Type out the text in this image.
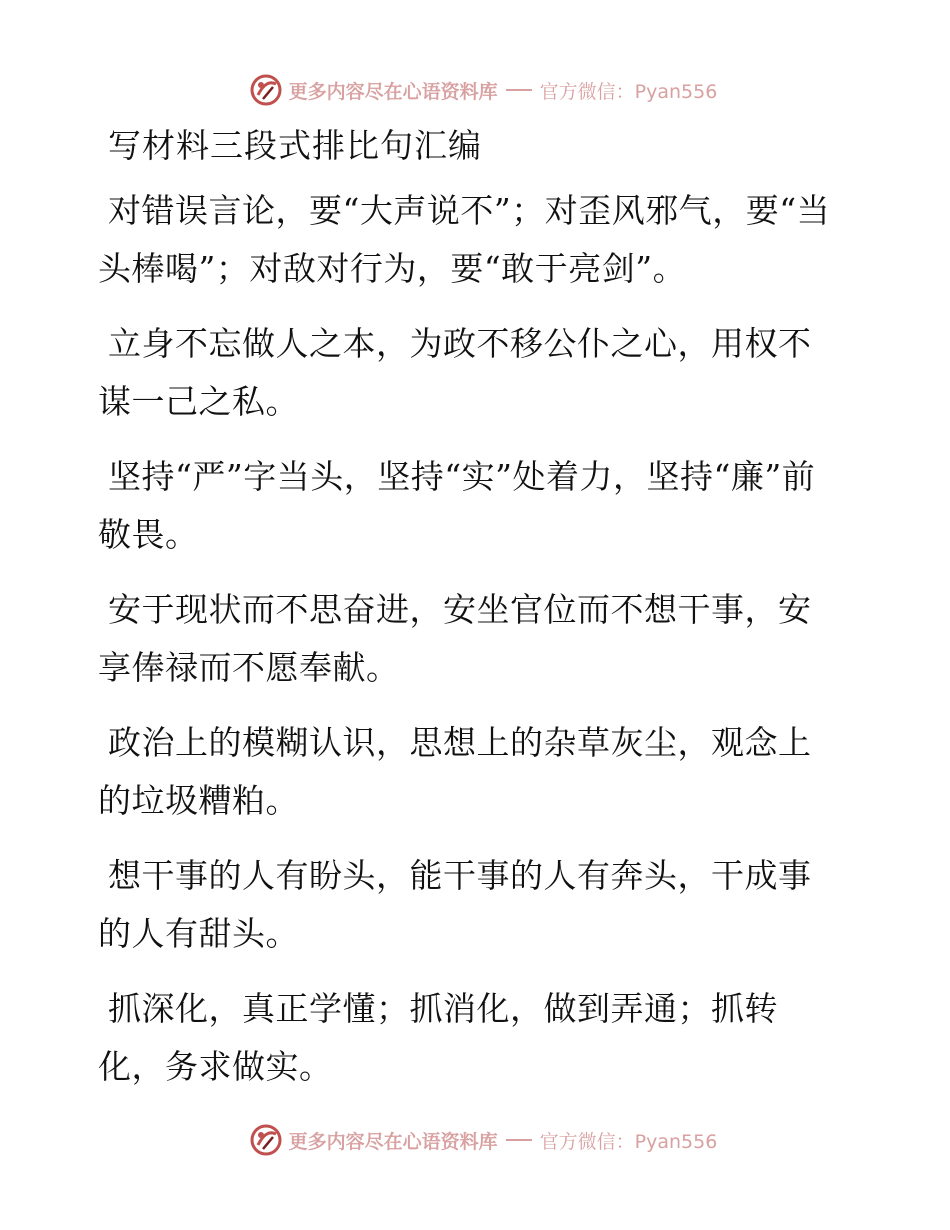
更多内容尽在心语资料库 官方微信：Pyan556
写材料三段式排比句汇编
对错误言论，要“大声说不”；对歪风邪气，要“当头棒喝”；对敌对行为，要“敢于亮剑”。
立身不忘做人之本，为政不移公仆之心，用权不谋一己之私。
坚持“严”字当头，坚持“实”处着力，坚持“廉”前敬畏。
安于现状而不思奋进，安坐官位而不想干事，安享俸禄而不愿奉献。
政治上的模糊认识，思想上的杂草灰尘，观念上的垃圾糟粕。
想干事的人有盼头，能干事的人有奔头，干成事的人有甜头。
抓深化，真正学懂；抓消化，做到弄通；抓转化，务求做实。
更多内容尽在心语资料库 官方微信：Pyan556
